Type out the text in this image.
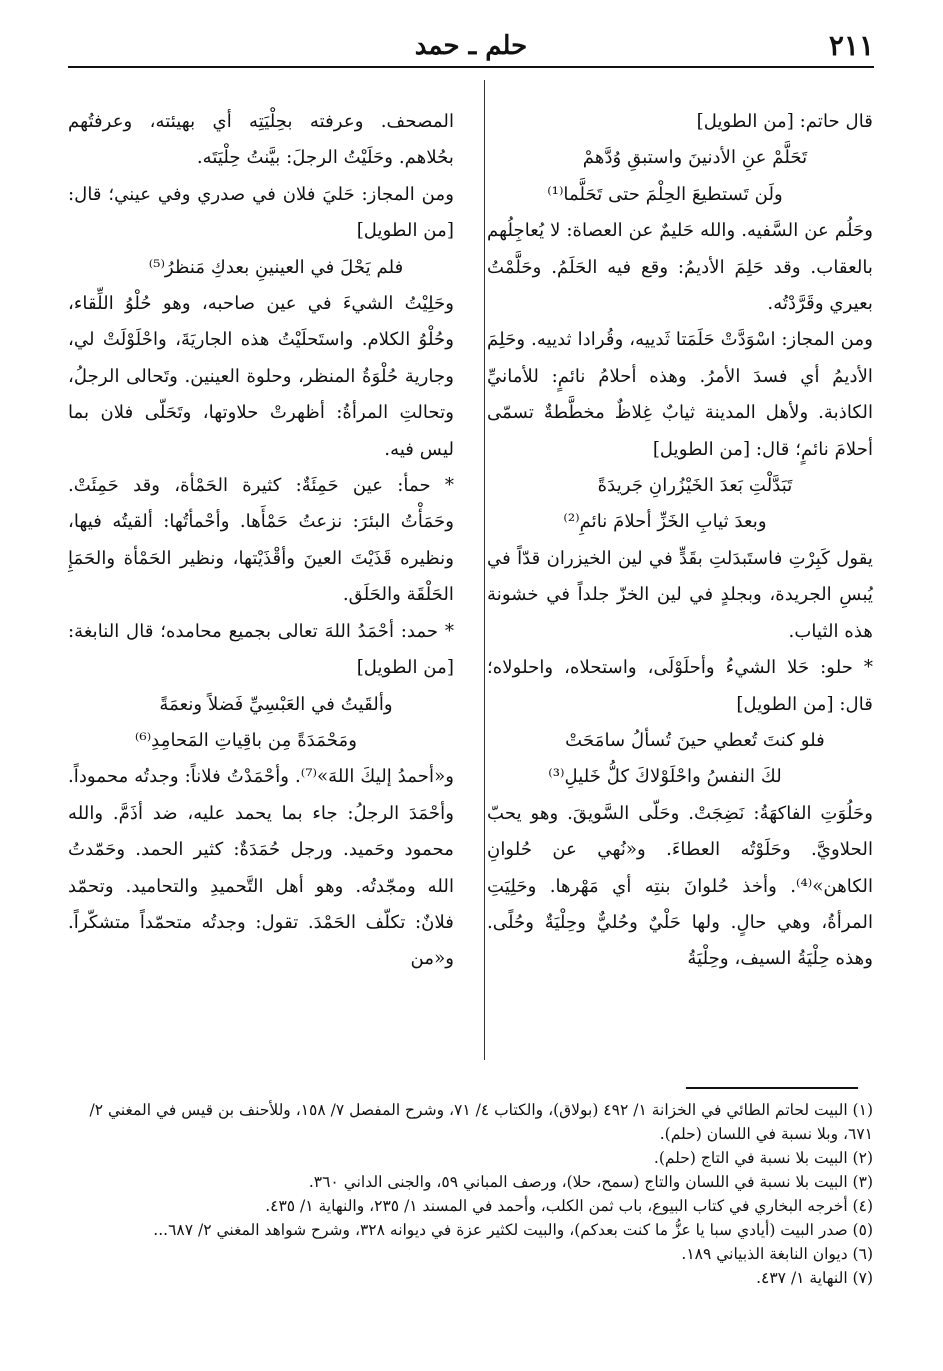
٢١١
حلم ـ حمد

قال حاتم: [من الطويل]

تَحَلَّمْ عنِ الأدنينَ واستبقِ وُدَّهمْ

ولَن تَستطيعَ الحِلْمَ حتى تَحَلَّما⁽¹⁾

وحَلُم عن السَّفيه. والله حَليمٌ عن العصاة: لا يُعاجِلُهم بالعقاب. وقد حَلِمَ الأديمُ: وقع فيه الحَلَمُ. وحَلَّمْتُ بعيري وقَرَّدْتُه.

ومن المجاز: اسْوَدَّتْ حَلَمَتا ثَدييه، وقُرادا ثدييه. وحَلِمَ الأديمُ أي فسدَ الأمرُ. وهذه أحلامُ نائمٍ: للأمانيِّ الكاذبة. ولأهل المدينة ثيابٌ غِلاظٌ مخطَّطةٌ تسمّى أحلامَ نائمٍ؛ قال: [من الطويل]

تَبَدَّلْتِ بَعدَ الخَيْزُرانِ جَريدَةً

وبعدَ ثيابِ الخَزِّ أحلامَ نائمِ⁽²⁾

يقول كَبِرْتِ فاستَبدَلتِ بقَدٍّ في لين الخيزران قدّاً في يُبسِ الجريدة، وبجلدٍ في لين الخزّ جلداً في خشونة هذه الثياب.

* حلو: حَلا الشيءُ وأحلَوْلَى، واستحلاه، واحلولاه؛ قال: [من الطويل]

فلو كنتَ تُعطي حينَ تُسألُ سامَحَتْ

لكَ النفسُ واحْلَوْلاكَ كلُّ خَليلِ⁽³⁾

وحَلُوَتِ الفاكهَةُ: نَضِجَتْ. وحَلّى السَّويقَ. وهو يحبّ الحلاويَّ. وحَلَوْتُه العطاءَ. و«نُهي عن حُلوانِ الكاهن»⁽⁴⁾. وأخذ حُلوانَ بنتِه أي مَهْرها. وحَلِيَتِ المرأةُ، وهي حالٍ. ولها حَلْيٌ وحُليٌّ وحِلْيَةٌ وحُلًى. وهذه حِلْيَةُ السيف، وحِلْيَةُ

المصحف. وعرفته بحِلْيَتِه أي بهيئته، وعرفتُهم بحُلاهم. وحَلَيْتُ الرجلَ: بيَّنتُ حِلْيَتَه.

ومن المجاز: حَليَ فلان في صدري وفي عيني؛ قال: [من الطويل]

فلم يَحْلَ في العينينِ بعدكِ مَنظرُ⁽⁵⁾

وحَلِيْتُ الشيءَ في عين صاحبه، وهو حُلْوُ اللِّقاء، وحُلْوُ الكلام. واستَحلَيْتُ هذه الجاريَةَ، واحْلَوْلَتْ لي، وجارية حُلْوَةُ المنظر، وحلوة العينين. وتَحالى الرجلُ، وتحالتِ المرأةُ: أظهرتْ حلاوتها، وتَحَلّى فلان بما ليس فيه.

* حمأ: عين حَمِئَةٌ: كثيرة الحَمْأة، وقد حَمِئَتْ. وحَمَأْتُ البئرَ: نزعتُ حَمْأَها. وأحْمأتُها: ألقيتُه فيها، ونظيره قَذَيْتَ العينَ وأقْذَيْتها، ونظير الحَمْأة والحَمَإِ الحَلْقَة والحَلَق.

* حمد: أحْمَدُ اللهَ تعالى بجميع محامده؛ قال النابغة: [من الطويل]

وألقَيتُ في العَبْسِيِّ فَضلاً ونعمَةً

ومَحْمَدَةً مِن باقِياتِ المَحامِدِ⁽⁶⁾

و«أحمدُ إليكَ اللهَ»⁽⁷⁾. وأحْمَدْتُ فلاناً: وجدتُه محموداً. وأحْمَدَ الرجلُ: جاء بما يحمد عليه، ضد أذَمَّ. والله محمود وحَميد. ورجل حُمَدَةٌ: كثير الحمد. وحَمّدتُ الله ومجّدتُه. وهو أهل التَّحميدِ والتحاميد. وتحمّد فلانٌ: تكلّف الحَمْدَ. تقول: وجدتُه متحمّداً متشكّراً. و«من

(١) البيت لحاتم الطائي في الخزانة ١/ ٤٩٢ (بولاق)، والكتاب ٤/ ٧١، وشرح المفصل ٧/ ١٥٨، وللأحنف بن قيس في المغني ٢/ ٦٧١، وبلا نسبة في اللسان (حلم).

(٢) البيت بلا نسبة في التاج (حلم).

(٣) البيت بلا نسبة في اللسان والتاج (سمح، حلا)، ورصف المباني ٥٩، والجنى الداني ٣٦٠.

(٤) أخرجه البخاري في كتاب البيوع، باب ثمن الكلب، وأحمد في المسند ١/ ٢٣٥، والنهاية ١/ ٤٣٥.

(٥) صدر البيت (أيادي سبا يا عزُّ ما كنت بعدكم)، والبيت لكثير عزة في ديوانه ٣٢٨، وشرح شواهد المغني ٢/ ٦٨٧...

(٦) ديوان النابغة الذبياني ١٨٩.

(٧) النهاية ١/ ٤٣٧.
